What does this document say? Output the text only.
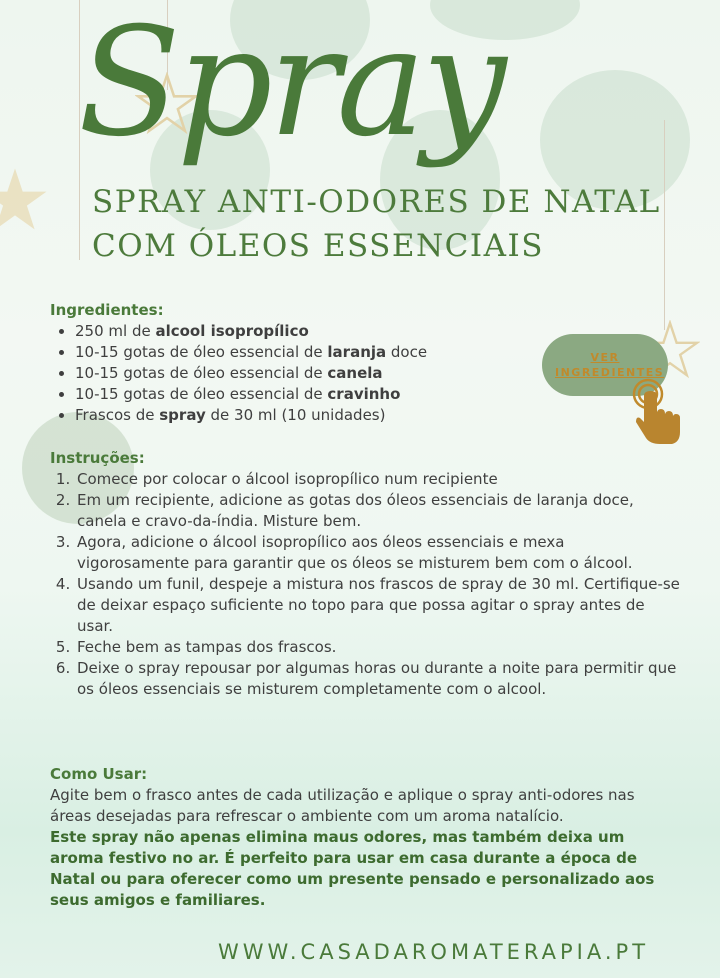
Spray
SPRAY ANTI-ODORES DE NATAL COM ÓLEOS ESSENCIAIS
Ingredientes:
• 250 ml de alcool isopropílico
• 10-15 gotas de óleo essencial de laranja doce
• 10-15 gotas de óleo essencial de canela
• 10-15 gotas de óleo essencial de cravinho
• Frascos de spray de 30 ml (10 unidades)
VER INGREDIENTES
Instruções:
1. Comece por colocar o álcool isopropílico num recipiente
2. Em um recipiente, adicione as gotas dos óleos essenciais de laranja doce, canela e cravo-da-índia. Misture bem.
3. Agora, adicione o álcool isopropílico aos óleos essenciais e mexa vigorosamente para garantir que os óleos se misturem bem com o álcool.
4. Usando um funil, despeje a mistura nos frascos de spray de 30 ml. Certifique-se de deixar espaço suficiente no topo para que possa agitar o spray antes de usar.
5. Feche bem as tampas dos frascos.
6. Deixe o spray repousar por algumas horas ou durante a noite para permitir que os óleos essenciais se misturem completamente com o alcool.
Como Usar:
Agite bem o frasco antes de cada utilização e aplique o spray anti-odores nas áreas desejadas para refrescar o ambiente com um aroma natalício.
Este spray não apenas elimina maus odores, mas também deixa um aroma festivo no ar. É perfeito para usar em casa durante a época de Natal ou para oferecer como um presente pensado e personalizado aos seus amigos e familiares.
WWW.CASADAROMATERAPIA.PT
